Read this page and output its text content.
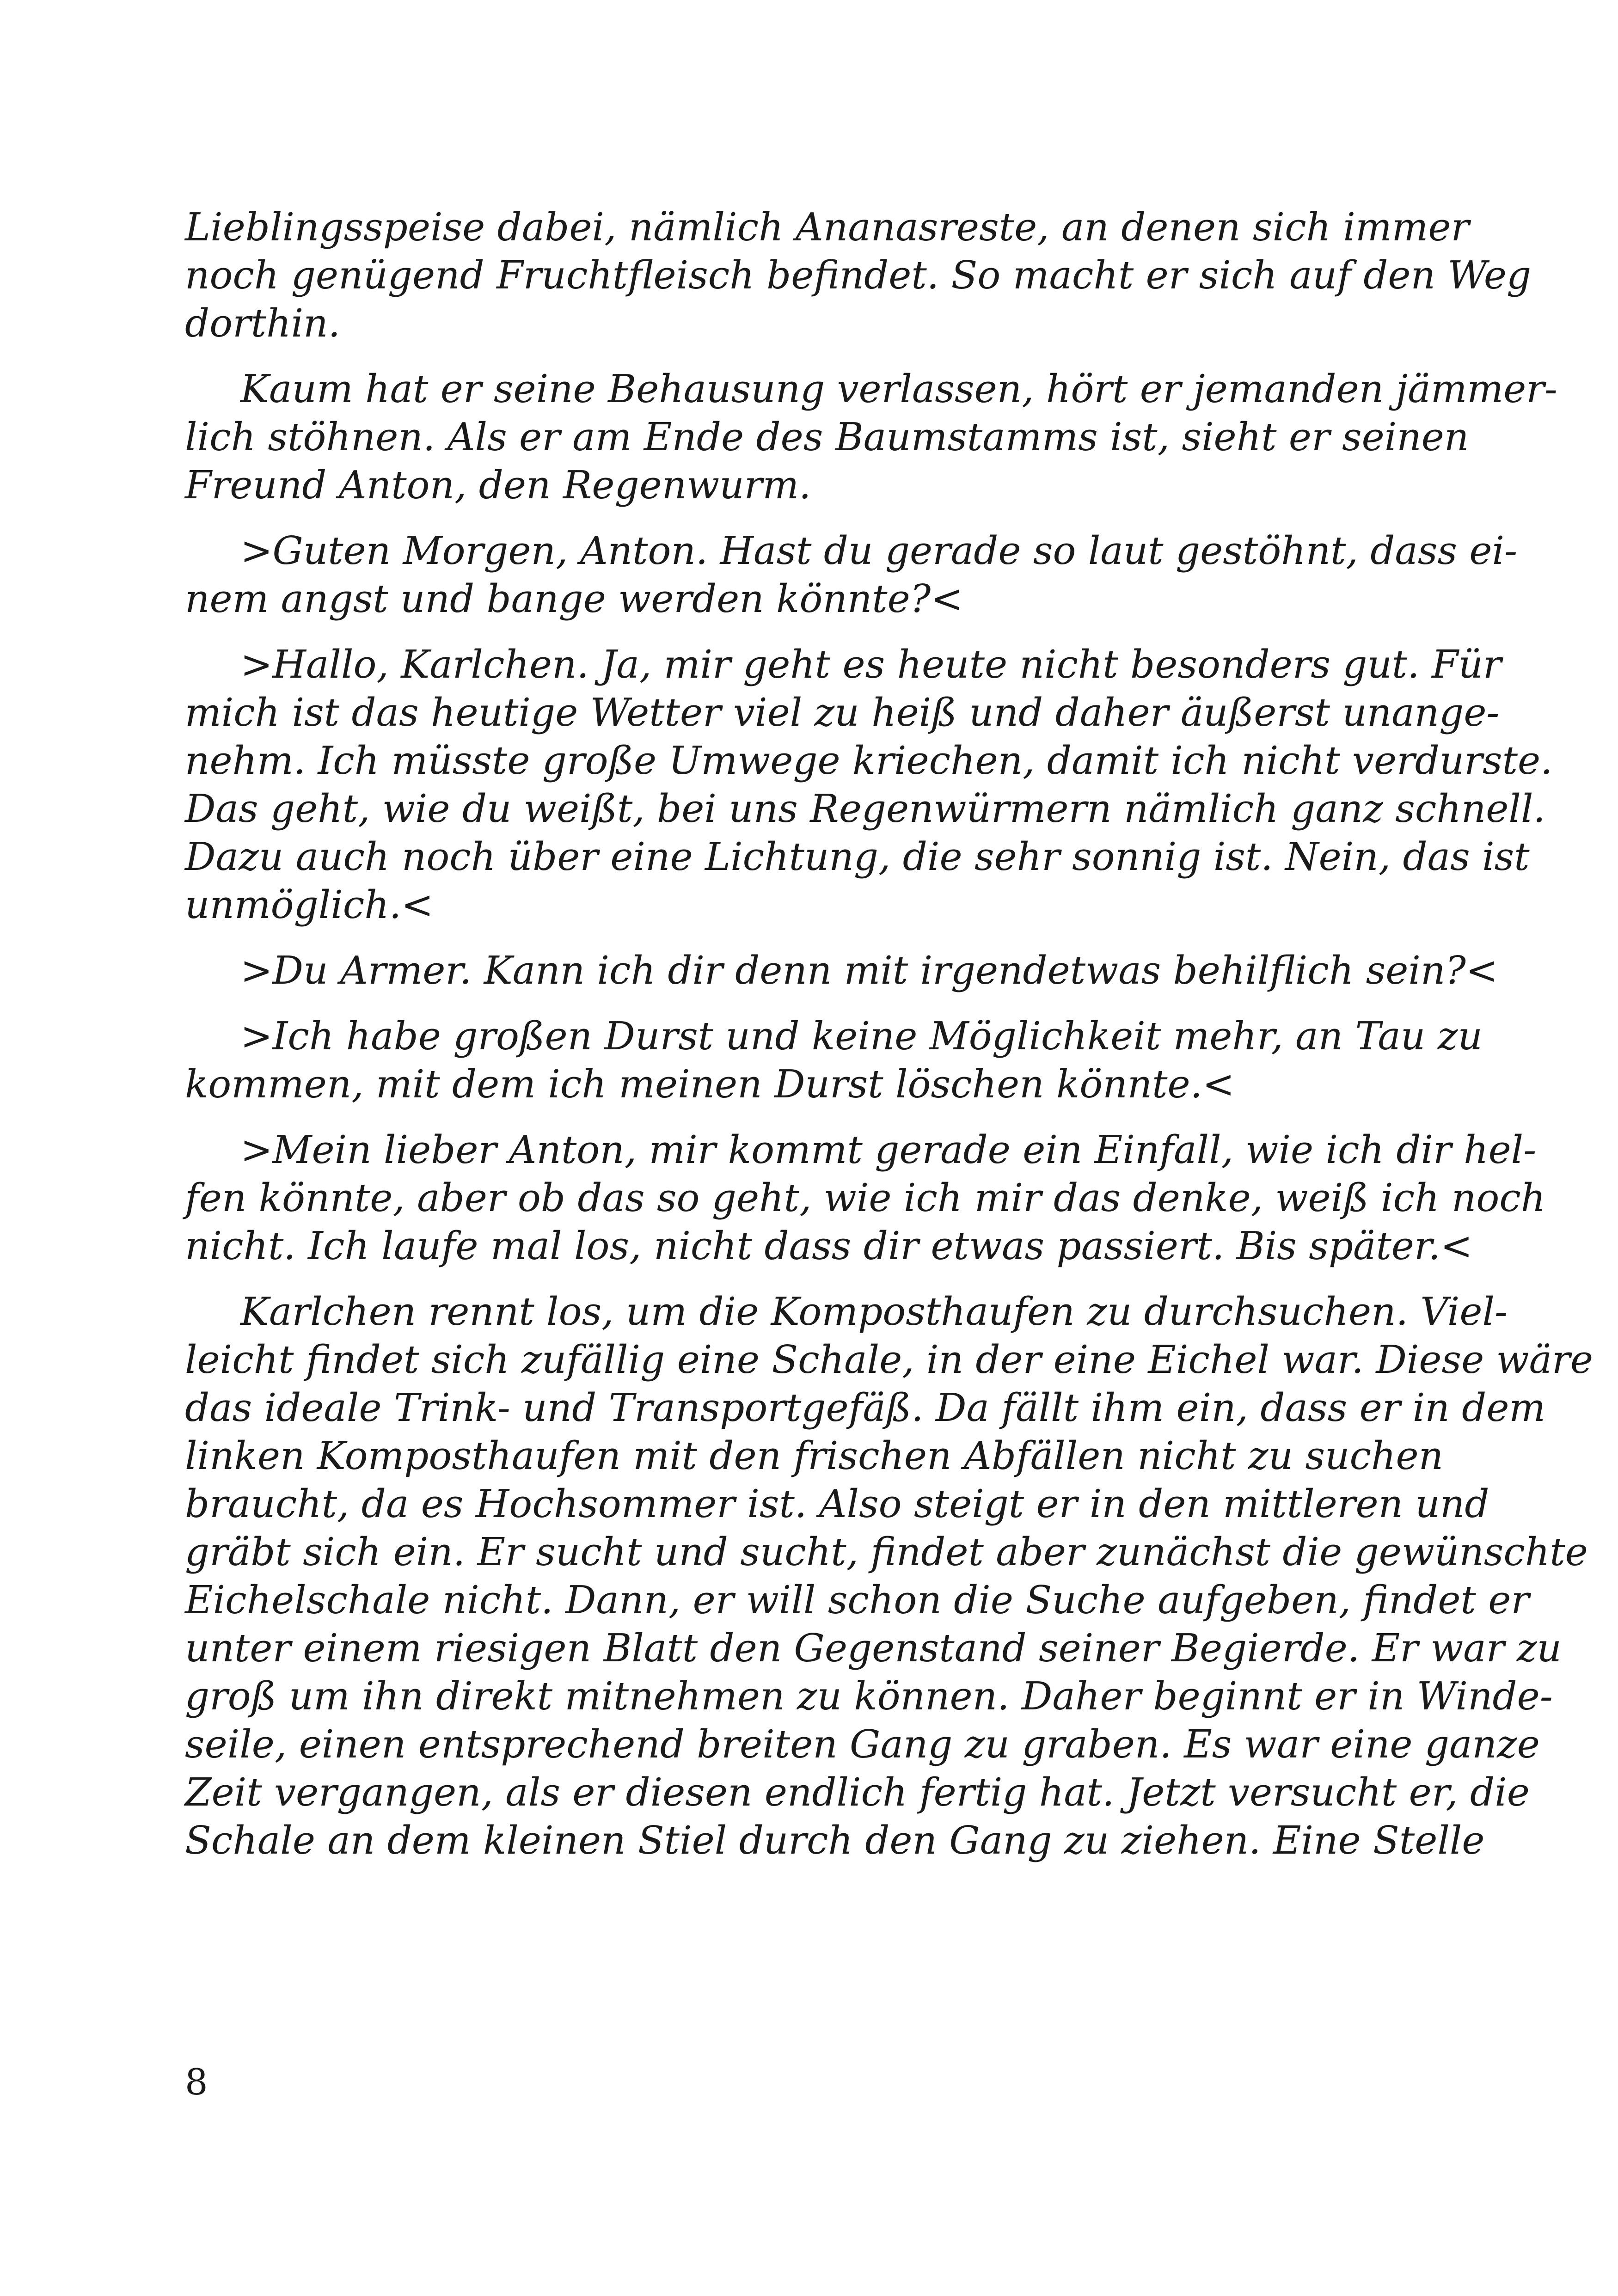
Lieblingsspeise dabei, nämlich Ananasreste, an denen sich immer
noch genügend Fruchtfleisch befindet. So macht er sich auf den Weg
dorthin.
Kaum hat er seine Behausung verlassen, hört er jemanden jämmer-
lich stöhnen. Als er am Ende des Baumstamms ist, sieht er seinen
Freund Anton, den Regenwurm.
>Guten Morgen, Anton. Hast du gerade so laut gestöhnt, dass ei-
nem angst und bange werden könnte?<
>Hallo, Karlchen. Ja, mir geht es heute nicht besonders gut. Für
mich ist das heutige Wetter viel zu heiß und daher äußerst unange-
nehm. Ich müsste große Umwege kriechen, damit ich nicht verdurste.
Das geht, wie du weißt, bei uns Regenwürmern nämlich ganz schnell.
Dazu auch noch über eine Lichtung, die sehr sonnig ist. Nein, das ist
unmöglich.<
>Du Armer. Kann ich dir denn mit irgendetwas behilflich sein?<
>Ich habe großen Durst und keine Möglichkeit mehr, an Tau zu
kommen, mit dem ich meinen Durst löschen könnte.<
>Mein lieber Anton, mir kommt gerade ein Einfall, wie ich dir hel-
fen könnte, aber ob das so geht, wie ich mir das denke, weiß ich noch
nicht. Ich laufe mal los, nicht dass dir etwas passiert. Bis später.<
Karlchen rennt los, um die Komposthaufen zu durchsuchen. Viel-
leicht findet sich zufällig eine Schale, in der eine Eichel war. Diese wäre
das ideale Trink- und Transportgefäß. Da fällt ihm ein, dass er in dem
linken Komposthaufen mit den frischen Abfällen nicht zu suchen
braucht, da es Hochsommer ist. Also steigt er in den mittleren und
gräbt sich ein. Er sucht und sucht, findet aber zunächst die gewünschte
Eichelschale nicht. Dann, er will schon die Suche aufgeben, findet er
unter einem riesigen Blatt den Gegenstand seiner Begierde. Er war zu
groß um ihn direkt mitnehmen zu können. Daher beginnt er in Winde-
seile, einen entsprechend breiten Gang zu graben. Es war eine ganze
Zeit vergangen, als er diesen endlich fertig hat. Jetzt versucht er, die
Schale an dem kleinen Stiel durch den Gang zu ziehen. Eine Stelle
8
